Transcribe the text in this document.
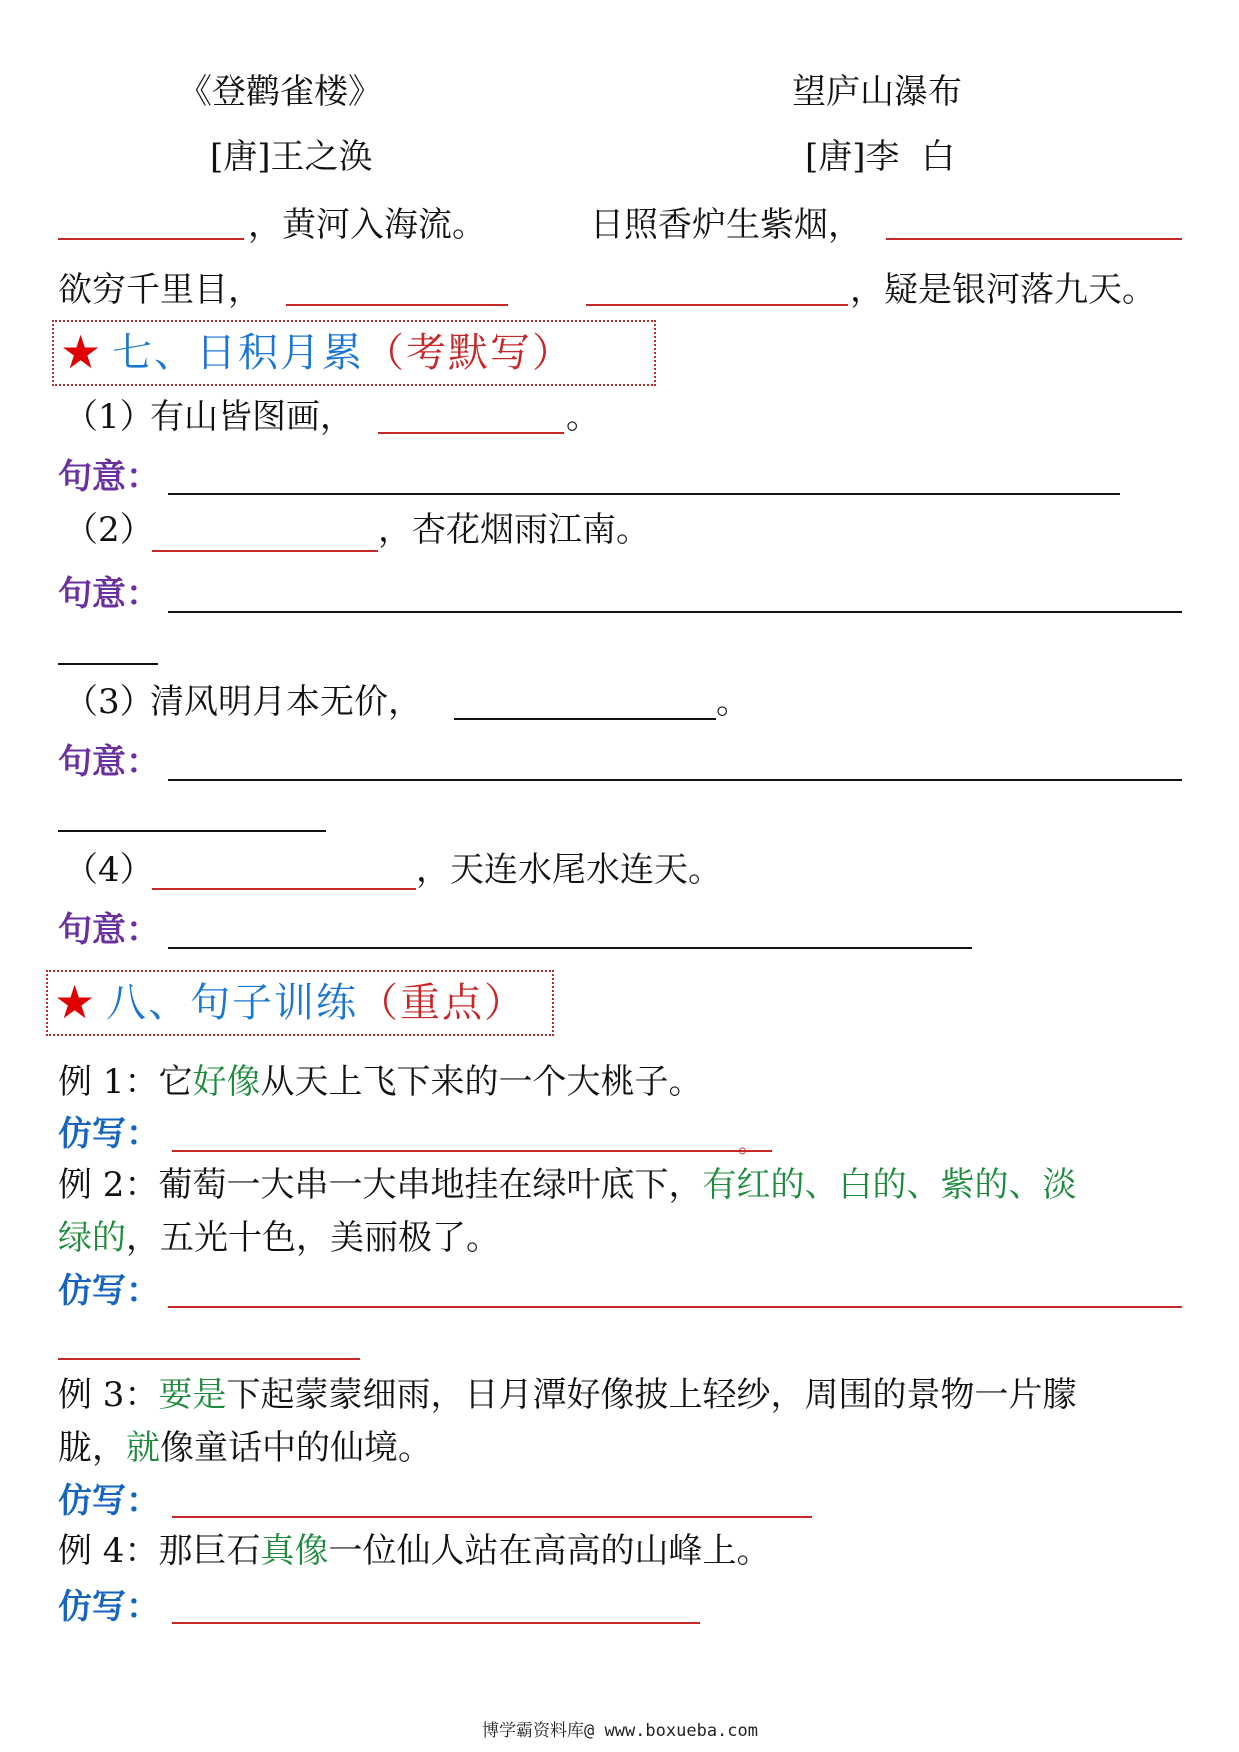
《登鹳雀楼》	望庐山瀑布
[唐]王之涣	[唐]李  白
，黄河入海流。	日照香炉生紫烟，
欲穷千里目，	，疑是银河落九天。
★ 七、日积月累（考默写）
（1）
有山皆图画，	。
句意：
（2）	，杏花烟雨江南。
句意：
（3）
清风明月本无价，	。
句意：
（4）	，天连水尾水连天。
句意：
★ 八、句子训练（重点）
例 1：它好像从天上飞下来的一个大桃子。
仿写：	。
例 2：葡萄一大串一大串地挂在绿叶底下，有红的、白的、紫的、淡
绿的，五光十色，美丽极了。
仿写：
例 3：要是下起蒙蒙细雨，日月潭好像披上轻纱，周围的景物一片朦
胧，就像童话中的仙境。
仿写：
例 4：那巨石真像一位仙人站在高高的山峰上。
仿写：
博学霸资料库@ www.boxueba.com
